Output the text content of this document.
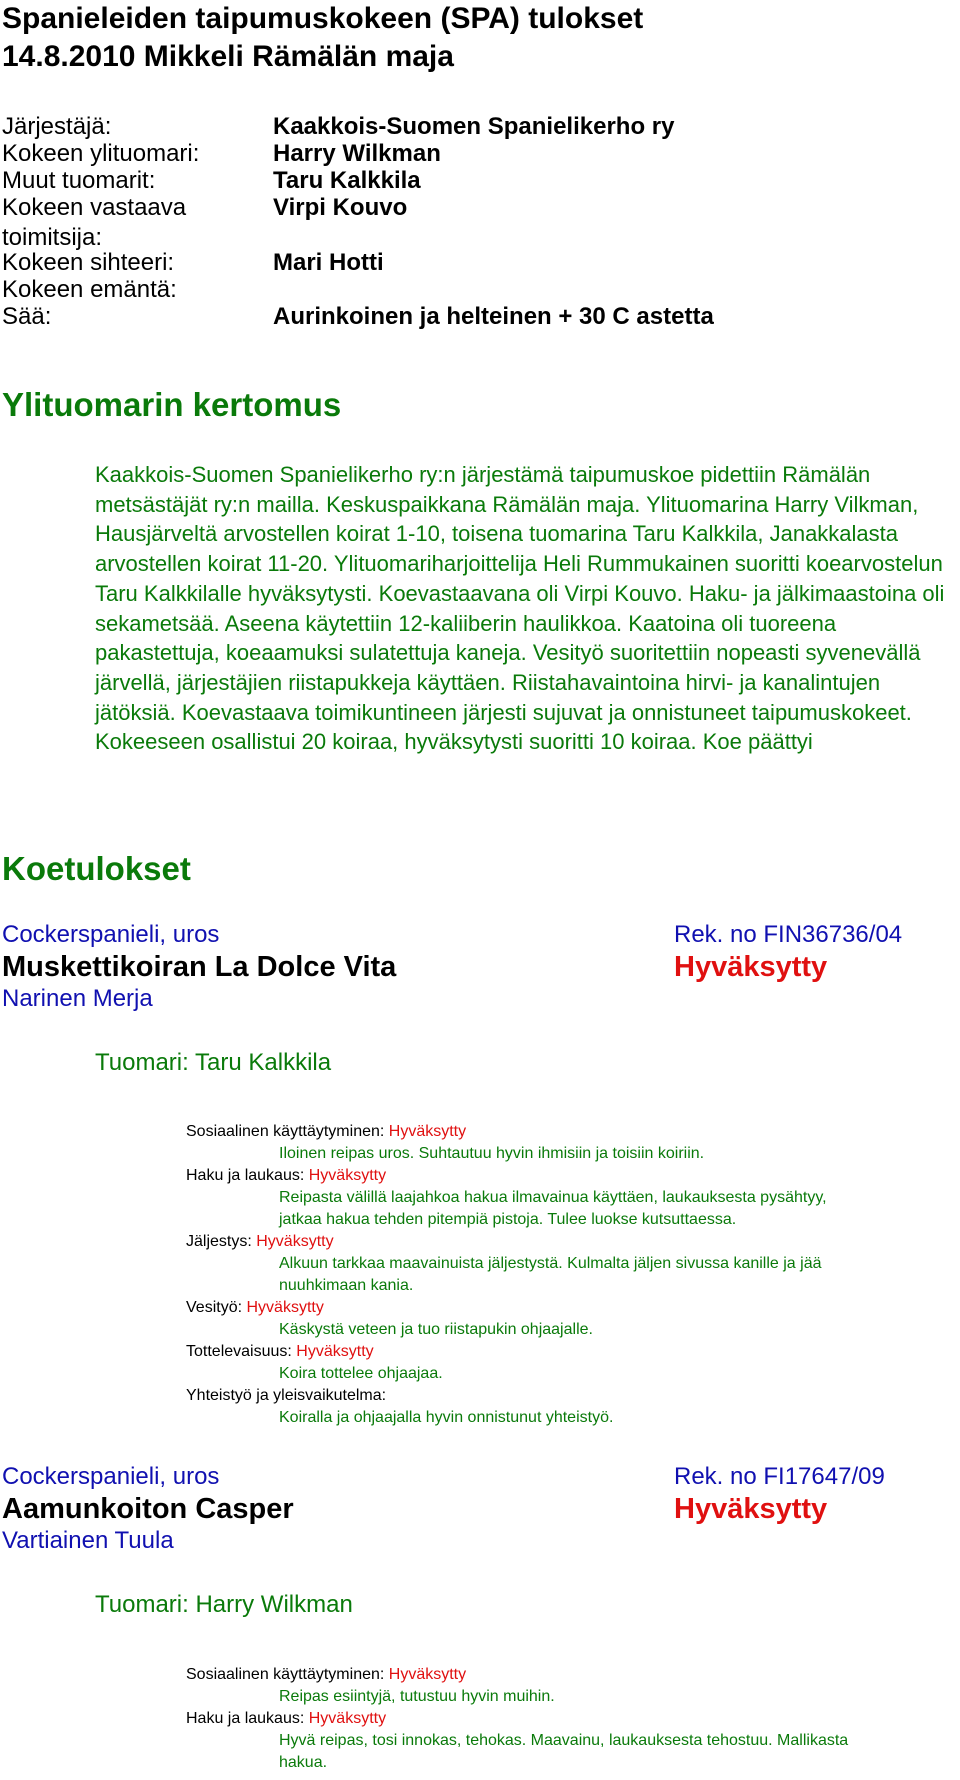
Spanieleiden taipumuskokeen (SPA) tulokset
14.8.2010 Mikkeli Rämälän maja
Järjestäjä:	Kaakkois-Suomen Spanielikerho ry
Kokeen ylituomari:	Harry Wilkman
Muut tuomarit:	Taru Kalkkila
Kokeen vastaava toimitsija:
Virpi Kouvo
Kokeen sihteeri:	Mari Hotti
Kokeen emäntä:
Sää:	Aurinkoinen ja helteinen + 30 C astetta
Ylituomarin kertomus

Kaakkois-Suomen Spanielikerho ry:n järjestämä taipumuskoe pidettiin Rämälän metsästäjät ry:n mailla. Keskuspaikkana Rämälän maja. Ylituomarina Harry Vilkman, Hausjärveltä arvostellen koirat 1-10, toisena tuomarina Taru Kalkkila, Janakkalasta arvostellen koirat 11-20. Ylituomariharjoittelija Heli Rummukainen suoritti koearvostelun Taru Kalkkilalle hyväksytysti. Koevastaavana oli Virpi Kouvo. Haku- ja jälkimaastoina oli sekametsää. Aseena käytettiin 12-kaliiberin haulikkoa. Kaatoina oli tuoreena pakastettuja, koeaamuksi sulatettuja kaneja. Vesityö suoritettiin nopeasti syvenevällä järvellä, järjestäjien riistapukkeja käyttäen. Riistahavaintoina hirvi- ja kanalintujen jätöksiä. Koevastaava toimikuntineen järjesti sujuvat ja onnistuneet taipumuskokeet. Kokeeseen osallistui 20 koiraa, hyväksytysti suoritti 10 koiraa. Koe päättyi

Koetulokset
Cockerspanieli, uros	Rek. no FIN36736/04
Muskettikoiran La Dolce Vita	Hyväksytty
Narinen Merja
Tuomari: Taru Kalkkila
Sosiaalinen käyttäytyminen: Hyväksytty
Iloinen reipas uros. Suhtautuu hyvin ihmisiin ja toisiin koiriin.
Haku ja laukaus: Hyväksytty
Reipasta välillä laajahkoa hakua ilmavainua käyttäen, laukauksesta pysähtyy, jatkaa hakua tehden pitempiä pistoja. Tulee luokse kutsuttaessa.
Jäljestys: Hyväksytty
Alkuun tarkkaa maavainuista jäljestystä. Kulmalta jäljen sivussa kanille ja jää nuuhkimaan kania.
Vesityö: Hyväksytty
Käskystä veteen ja tuo riistapukin ohjaajalle.
Tottelevaisuus: Hyväksytty
Koira tottelee ohjaajaa.
Yhteistyö ja yleisvaikutelma:
Koiralla ja ohjaajalla hyvin onnistunut yhteistyö.
Cockerspanieli, uros	Rek. no FI17647/09
Aamunkoiton Casper	Hyväksytty
Vartiainen Tuula
Tuomari: Harry Wilkman
Sosiaalinen käyttäytyminen: Hyväksytty
Reipas esiintyjä, tutustuu hyvin muihin.
Haku ja laukaus: Hyväksytty
Hyvä reipas, tosi innokas, tehokas. Maavainu, laukauksesta tehostuu. Mallikasta hakua.
